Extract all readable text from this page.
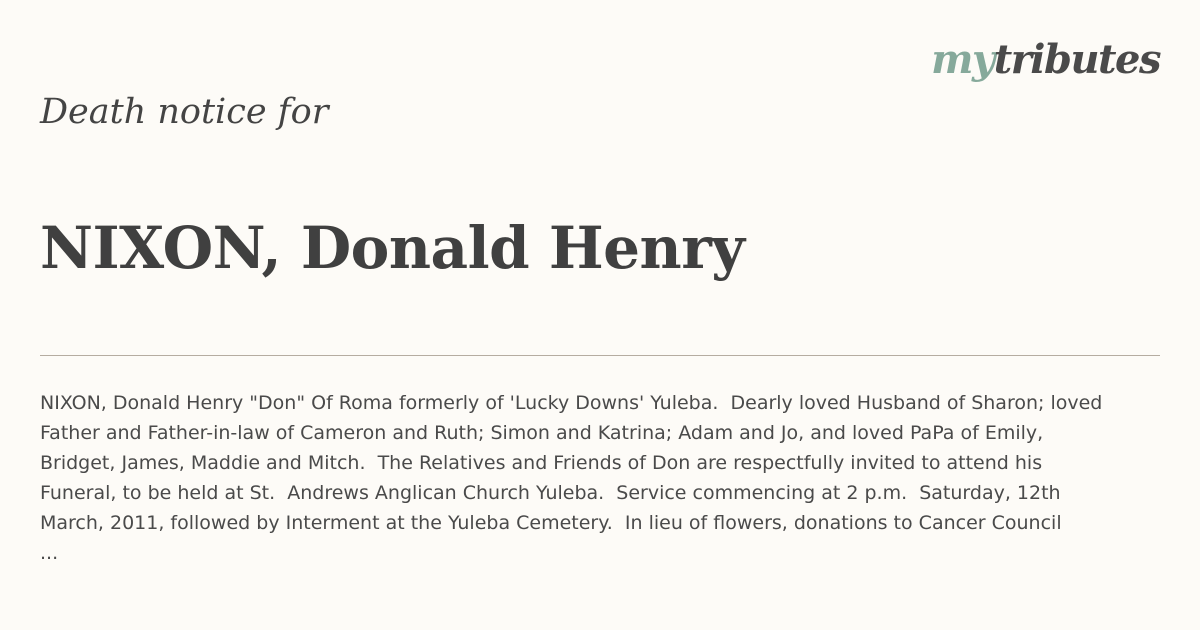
mytributes
Death notice for
NIXON, Donald Henry
NIXON, Donald Henry "Don" Of Roma formerly of 'Lucky Downs' Yuleba.  Dearly loved Husband of Sharon; loved
Father and Father-in-law of Cameron and Ruth; Simon and Katrina; Adam and Jo, and loved PaPa of Emily,
Bridget, James, Maddie and Mitch.  The Relatives and Friends of Don are respectfully invited to attend his
Funeral, to be held at St.  Andrews Anglican Church Yuleba.  Service commencing at 2 p.m.  Saturday, 12th
March, 2011, followed by Interment at the Yuleba Cemetery.  In lieu of flowers, donations to Cancer Council
...
